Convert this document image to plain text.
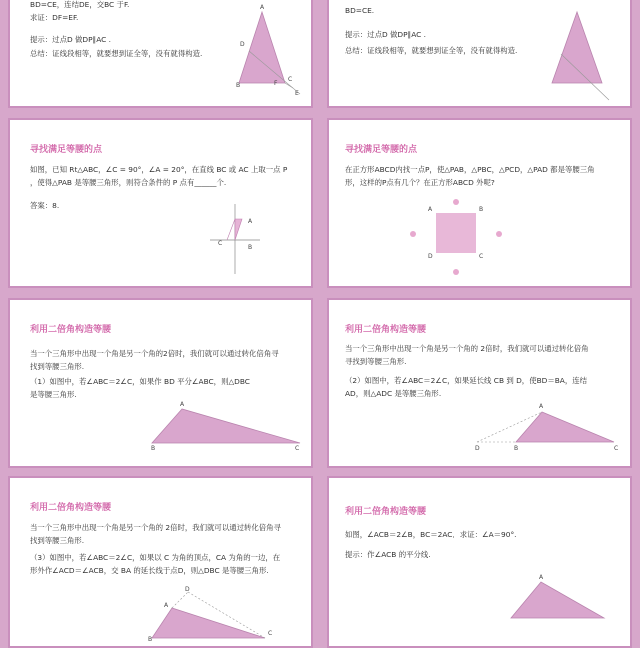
BD=CE，连结DE，交BC 于F.
求证：DF=EF.
提示：过点D 做DP∥AC .
总结：证线段相等，就要想到证全等，没有就得构造.
A
D
B	F
C
E
BD=CE.
提示：过点D 做DP∥AC .
总结：证线段相等，就要想到证全等，没有就得构造.
寻找满足等腰的点
如图，已知 Rt△ABC，∠C = 90°，∠A = 20°，在直线 BC 或 AC 上取一点 P
，使得△PAB 是等腰三角形，则符合条件的 P 点有______个.
答案：8.
A
C
B
寻找满足等腰的点
在正方形ABCD内找一点P，使△PAB，△PBC，△PCD，△PAD 都是等腰三角
形，这样的P点有几个？在正方形ABCD 外呢?
A	B
C
D
利用二倍角构造等腰
当一个三角形中出现一个角是另一个角的2倍时，我们就可以通过转化倍角寻
找到等腰三角形.
（1）如图中，若∠ABC＝2∠C，如果作 BD 平分∠ABC，则△DBC
是等腰三角形.
A
B	C
利用二倍角构造等腰
当一个三角形中出现一个角是另一个角的 2倍时，我们就可以通过转化倍角
寻找到等腰三角形.
（2）如图中，若∠ABC＝2∠C，如果延长线 CB 到 D，使BD＝BA，连结
AD，则△ADC 是等腰三角形.
A
D	B	C
利用二倍角构造等腰
当一个三角形中出现一个角是另一个角的 2倍时，我们就可以通过转化倍角寻
找到等腰三角形.
（3）如图中，若∠ABC＝2∠C，如果以 C 为角的顶点，CA 为角的一边，在
形外作∠ACD＝∠ACB，交 BA 的延长线于点D，则△DBC 是等腰三角形.
D
A
B
C
利用二倍角构造等腰
如图，∠ACB＝2∠B，BC＝2AC．求证：∠A＝90°.
提示：作∠ACB 的平分线.
A
